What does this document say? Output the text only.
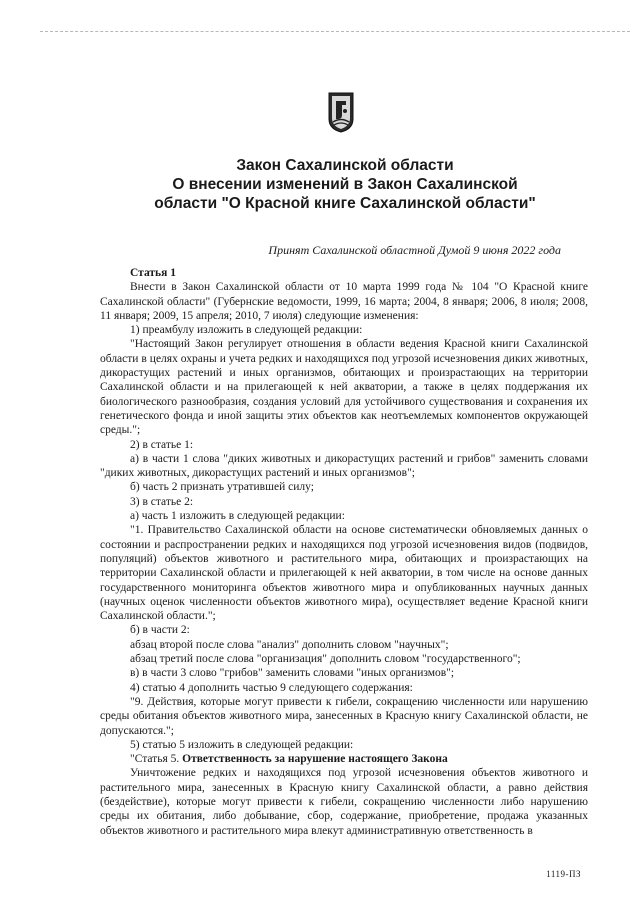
Закон Сахалинской области
О внесении изменений в Закон Сахалинской
области "О Красной книге Сахалинской области"
Принят Сахалинской областной Думой 9 июня 2022 года

Статья 1

Внести в Закон Сахалинской области от 10 марта 1999 года № 104 "О Красной книге Сахалинской области" (Губернские ведомости, 1999, 16 марта; 2004, 8 января; 2006, 8 июля; 2008, 11 января; 2009, 15 апреля; 2010, 7 июля) следующие изменения:

1) преамбулу изложить в следующей редакции:

"Настоящий Закон регулирует отношения в области ведения Красной книги Сахалинской области в целях охраны и учета редких и находящихся под угрозой исчезновения диких животных, дикорастущих растений и иных организмов, обитающих и произрастающих на территории Сахалинской области и на прилегающей к ней акватории, а также в целях поддержания их биологического разнообразия, создания условий для устойчивого существования и сохранения их генетического фонда и иной защиты этих объектов как неотъемлемых компонентов окружающей среды.";

2) в статье 1:

а) в части 1 слова "диких животных и дикорастущих растений и грибов" заменить словами "диких животных, дикорастущих растений и иных организмов";

б) часть 2 признать утратившей силу;

3) в статье 2:

а) часть 1 изложить в следующей редакции:

"1. Правительство Сахалинской области на основе систематически обновляемых данных о состоянии и распространении редких и находящихся под угрозой исчезновения видов (подвидов, популяций) объектов животного и растительного мира, обитающих и произрастающих на территории Сахалинской области и прилегающей к ней акватории, в том числе на основе данных государственного мониторинга объектов животного мира и опубликованных научных данных (научных оценок численности объектов животного мира), осуществляет ведение Красной книги Сахалинской области.";

б) в части 2:

абзац второй после слова "анализ" дополнить словом "научных";

абзац третий после слова "организация" дополнить словом "государственного";

в) в части 3 слово "грибов" заменить словами "иных организмов";

4) статью 4 дополнить частью 9 следующего содержания:

"9. Действия, которые могут привести к гибели, сокращению численности или нарушению среды обитания объектов животного мира, занесенных в Красную книгу Сахалинской области, не допускаются.";

5) статью 5 изложить в следующей редакции:

"Статья 5. Ответственность за нарушение настоящего Закона

Уничтожение редких и находящихся под угрозой исчезновения объектов животного и растительного мира, занесенных в Красную книгу Сахалинской области, а равно действия (бездействие), которые могут привести к гибели, сокращению численности либо нарушению среды их обитания, либо добывание, сбор, содержание, приобретение, продажа указанных объектов животного и растительного мира влекут административную ответственность в

1119-ПЗ
